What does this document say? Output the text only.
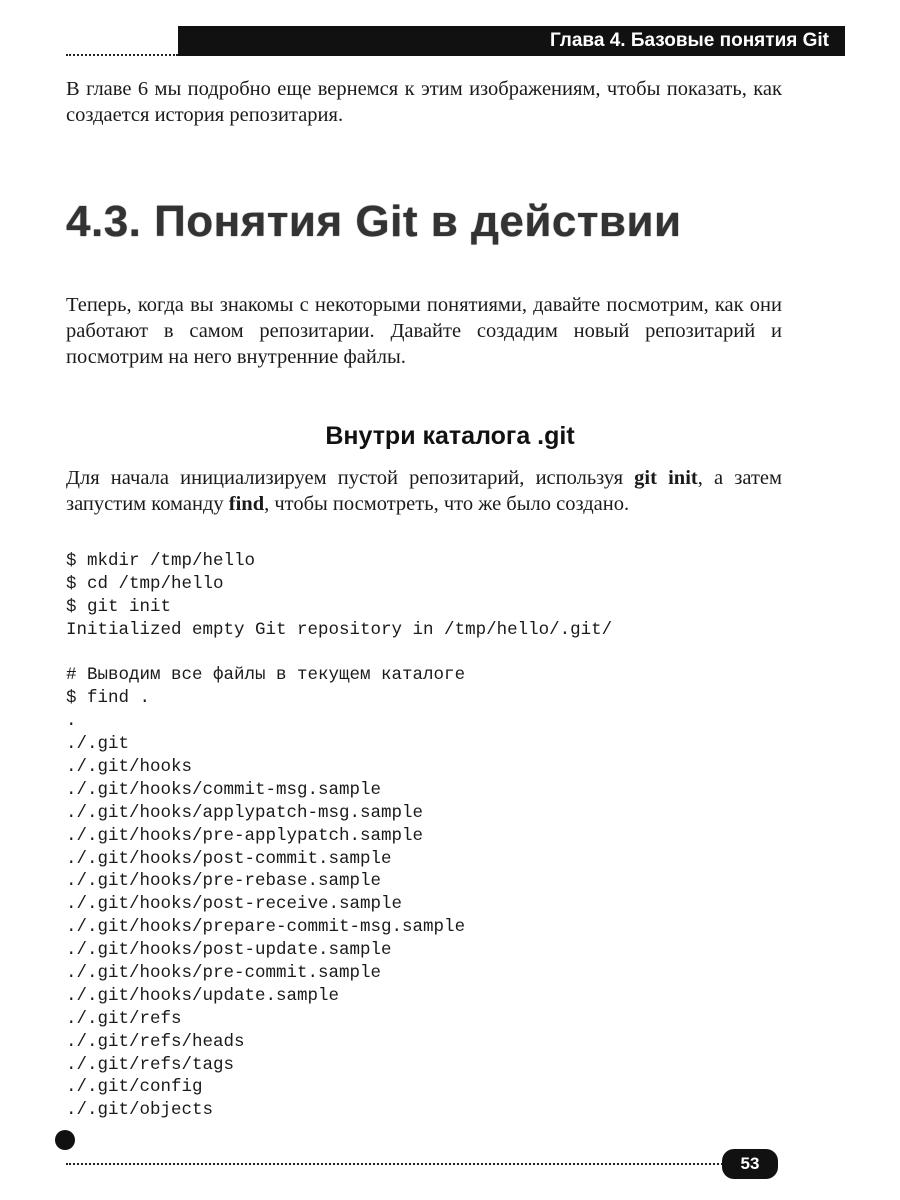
Глава 4. Базовые понятия Git

В главе 6 мы подробно еще вернемся к этим изображениям, чтобы показать, как создается история репозитария.

4.3. Понятия Git в действии

Теперь, когда вы знакомы с некоторыми понятиями, давайте посмотрим, как они работают в самом репозитарии. Давайте создадим новый репозитарий и посмотрим на него внутренние файлы.

Внутри каталога .git

Для начала инициализируем пустой репозитарий, используя git init, а затем запустим команду find, чтобы посмотреть, что же было создано.

$ mkdir /tmp/hello
$ cd /tmp/hello
$ git init
Initialized empty Git repository in /tmp/hello/.git/
# Выводим все файлы в текущем каталоге
$ find .
.
./.git
./.git/hooks
./.git/hooks/commit-msg.sample
./.git/hooks/applypatch-msg.sample
./.git/hooks/pre-applypatch.sample
./.git/hooks/post-commit.sample
./.git/hooks/pre-rebase.sample
./.git/hooks/post-receive.sample
./.git/hooks/prepare-commit-msg.sample
./.git/hooks/post-update.sample
./.git/hooks/pre-commit.sample
./.git/hooks/update.sample
./.git/refs
./.git/refs/heads
./.git/refs/tags
./.git/config
./.git/objects
53
